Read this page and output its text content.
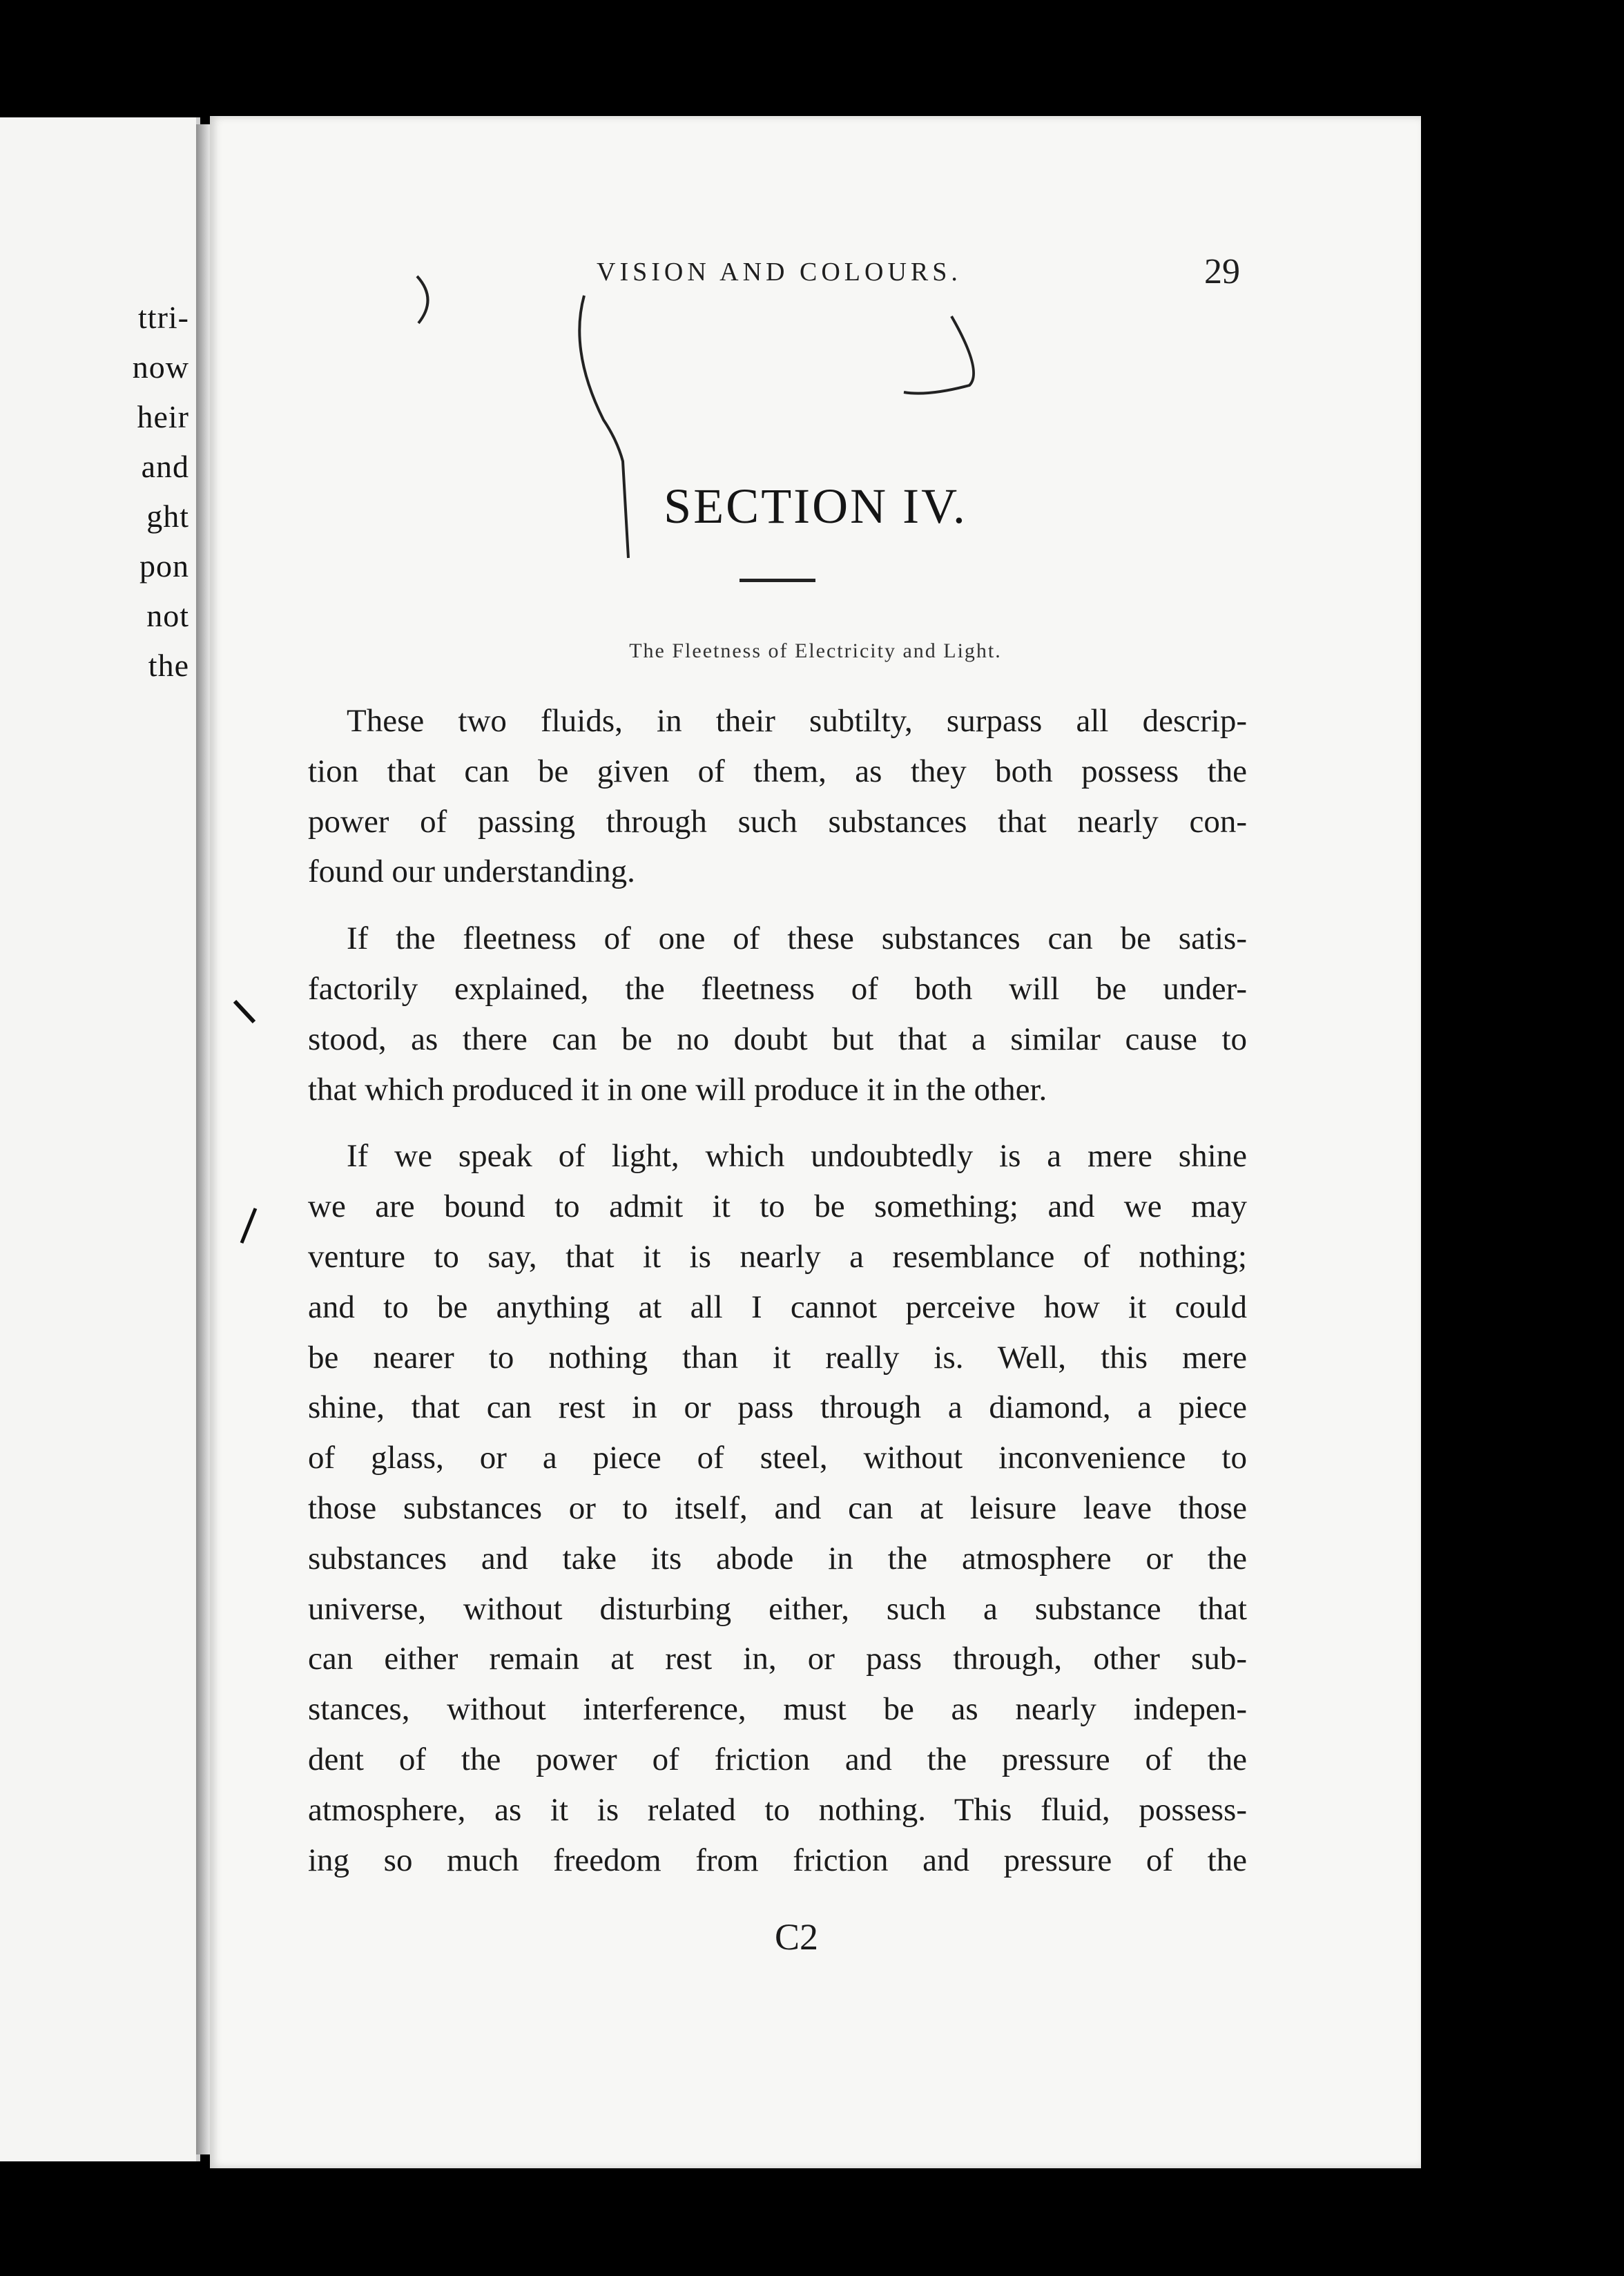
ttri-
now
heir
and
ght
pon
not
the
VISION AND COLOURS.	29
SECTION IV.
The Fleetness of Electricity and Light.
These two fluids, in their subtilty, surpass all descrip-
tion that can be given of them, as they both possess the
power of passing through such substances that nearly con-
found our understanding.
If the fleetness of one of these substances can be satis-
factorily explained, the fleetness of both will be under-
stood, as there can be no doubt but that a similar cause to
that which produced it in one will produce it in the other.
If we speak of light, which undoubtedly is a mere shine
we are bound to admit it to be something; and we may
venture to say, that it is nearly a resemblance of nothing;
and to be anything at all I cannot perceive how it could
be nearer to nothing than it really is. Well, this mere
shine, that can rest in or pass through a diamond, a piece
of glass, or a piece of steel, without inconvenience to
those substances or to itself, and can at leisure leave those
substances and take its abode in the atmosphere or the
universe, without disturbing either, such a substance that
can either remain at rest in, or pass through, other sub-
stances, without interference, must be as nearly indepen-
dent of the power of friction and the pressure of the
atmosphere, as it is related to nothing. This fluid, possess-
ing so much freedom from friction and pressure of the
C2
